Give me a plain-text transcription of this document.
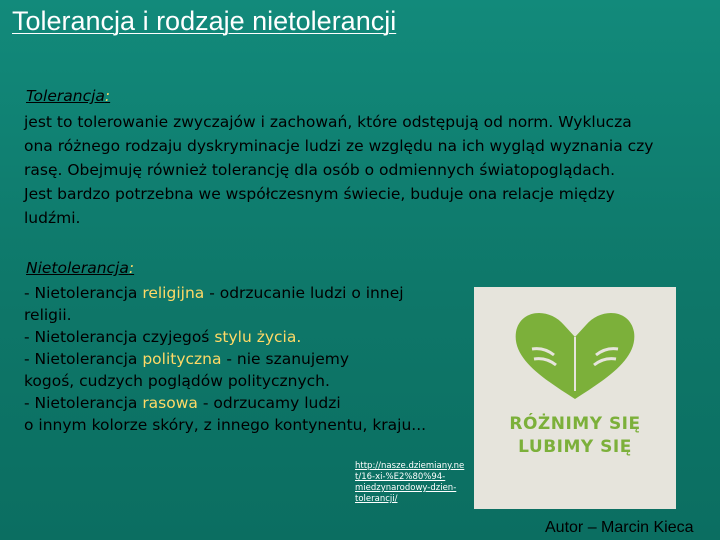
Tolerancja i rodzaje nietolerancji
Tolerancja:
jest to tolerowanie zwyczajów i zachowań, które odstępują od norm. Wyklucza
ona różnego rodzaju dyskryminacje ludzi ze względu na ich wygląd wyznania czy
rasę. Obejmuję również tolerancję dla osób o odmiennych światopoglądach.
Jest bardzo potrzebna we współczesnym świecie, buduje ona relacje między
ludźmi.
Nietolerancja:
- Nietolerancja religijna - odrzucanie ludzi o innej
religii.
- Nietolerancja czyjegoś stylu życia.
- Nietolerancja polityczna - nie szanujemy
kogoś, cudzych poglądów politycznych.
- Nietolerancja rasowa - odrzucamy ludzi
o innym kolorze skóry, z innego kontynentu, kraju...	RÓŻNIMY SIĘ
LUBIMY SIĘ
http://nasze.dziemiany.ne
t/16-xi-%E2%80%94-
miedzynarodowy-dzien-
tolerancji/
Autor – Marcin Kieca
